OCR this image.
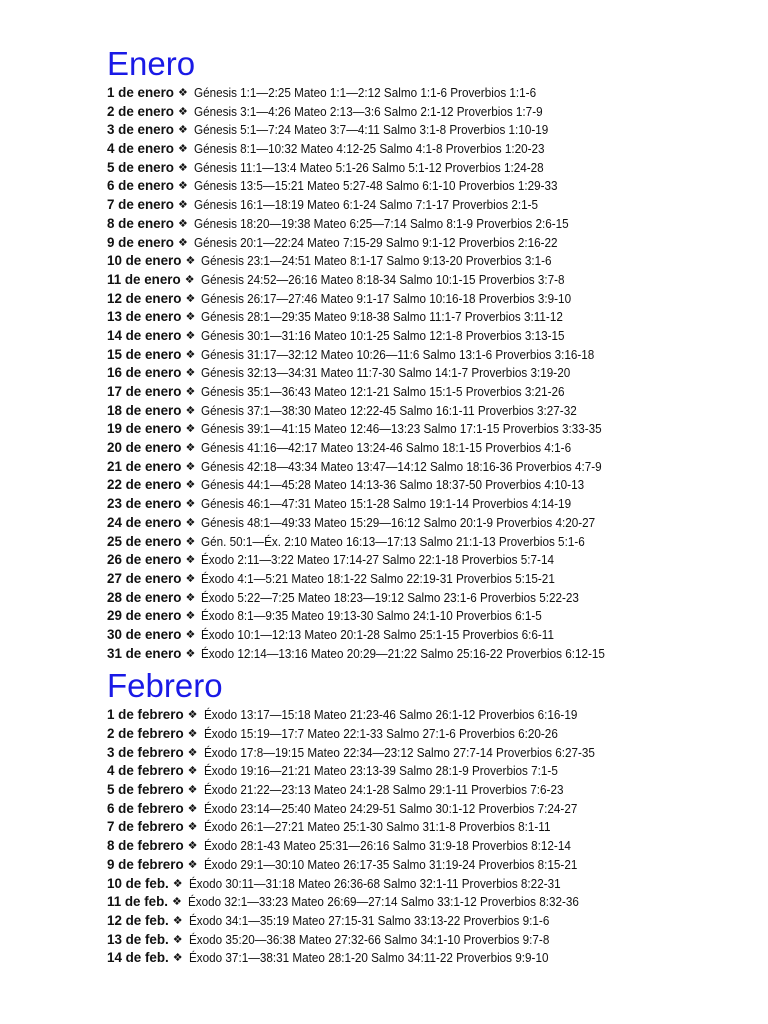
Enero
1 de enero ❖ Génesis 1:1—2:25 Mateo 1:1—2:12 Salmo 1:1-6 Proverbios 1:1-6
2 de enero ❖ Génesis 3:1—4:26 Mateo 2:13—3:6 Salmo 2:1-12 Proverbios 1:7-9
3 de enero ❖ Génesis 5:1—7:24 Mateo 3:7—4:11 Salmo 3:1-8 Proverbios 1:10-19
4 de enero ❖ Génesis 8:1—10:32 Mateo 4:12-25 Salmo 4:1-8 Proverbios 1:20-23
5 de enero ❖ Génesis 11:1—13:4 Mateo 5:1-26 Salmo 5:1-12 Proverbios 1:24-28
6 de enero ❖ Génesis 13:5—15:21 Mateo 5:27-48 Salmo 6:1-10 Proverbios 1:29-33
7 de enero ❖ Génesis 16:1—18:19 Mateo 6:1-24 Salmo 7:1-17 Proverbios 2:1-5
8 de enero ❖ Génesis 18:20—19:38 Mateo 6:25—7:14 Salmo 8:1-9 Proverbios 2:6-15
9 de enero ❖ Génesis 20:1—22:24 Mateo 7:15-29 Salmo 9:1-12 Proverbios 2:16-22
10 de enero ❖ Génesis 23:1—24:51 Mateo 8:1-17 Salmo 9:13-20 Proverbios 3:1-6
11 de enero ❖ Génesis 24:52—26:16 Mateo 8:18-34 Salmo 10:1-15 Proverbios 3:7-8
12 de enero ❖ Génesis 26:17—27:46 Mateo 9:1-17 Salmo 10:16-18 Proverbios 3:9-10
13 de enero ❖ Génesis 28:1—29:35 Mateo 9:18-38 Salmo 11:1-7 Proverbios 3:11-12
14 de enero ❖ Génesis 30:1—31:16 Mateo 10:1-25 Salmo 12:1-8 Proverbios 3:13-15
15 de enero ❖ Génesis 31:17—32:12 Mateo 10:26—11:6 Salmo 13:1-6 Proverbios 3:16-18
16 de enero ❖ Génesis 32:13—34:31 Mateo 11:7-30 Salmo 14:1-7 Proverbios 3:19-20
17 de enero ❖ Génesis 35:1—36:43 Mateo 12:1-21 Salmo 15:1-5 Proverbios 3:21-26
18 de enero ❖ Génesis 37:1—38:30 Mateo 12:22-45 Salmo 16:1-11 Proverbios 3:27-32
19 de enero ❖ Génesis 39:1—41:15 Mateo 12:46—13:23 Salmo 17:1-15 Proverbios 3:33-35
20 de enero ❖ Génesis 41:16—42:17 Mateo 13:24-46 Salmo 18:1-15 Proverbios 4:1-6
21 de enero ❖ Génesis 42:18—43:34 Mateo 13:47—14:12 Salmo 18:16-36 Proverbios 4:7-9
22 de enero ❖ Génesis 44:1—45:28 Mateo 14:13-36 Salmo 18:37-50 Proverbios 4:10-13
23 de enero ❖ Génesis 46:1—47:31 Mateo 15:1-28 Salmo 19:1-14 Proverbios 4:14-19
24 de enero ❖ Génesis 48:1—49:33 Mateo 15:29—16:12 Salmo 20:1-9 Proverbios 4:20-27
25 de enero ❖ Gén. 50:1—Éx. 2:10 Mateo 16:13—17:13 Salmo 21:1-13 Proverbios 5:1-6
26 de enero ❖ Éxodo 2:11—3:22 Mateo 17:14-27 Salmo 22:1-18 Proverbios 5:7-14
27 de enero ❖ Éxodo 4:1—5:21 Mateo 18:1-22 Salmo 22:19-31 Proverbios 5:15-21
28 de enero ❖ Éxodo 5:22—7:25 Mateo 18:23—19:12 Salmo 23:1-6 Proverbios 5:22-23
29 de enero ❖ Éxodo 8:1—9:35 Mateo 19:13-30 Salmo 24:1-10 Proverbios 6:1-5
30 de enero ❖ Éxodo 10:1—12:13 Mateo 20:1-28 Salmo 25:1-15 Proverbios 6:6-11
31 de enero ❖ Éxodo 12:14—13:16 Mateo 20:29—21:22 Salmo 25:16-22 Proverbios 6:12-15
Febrero
1 de febrero ❖ Éxodo 13:17—15:18 Mateo 21:23-46 Salmo 26:1-12 Proverbios 6:16-19
2 de febrero ❖ Éxodo 15:19—17:7 Mateo 22:1-33 Salmo 27:1-6 Proverbios 6:20-26
3 de febrero ❖ Éxodo 17:8—19:15 Mateo 22:34—23:12 Salmo 27:7-14 Proverbios 6:27-35
4 de febrero ❖ Éxodo 19:16—21:21 Mateo 23:13-39 Salmo 28:1-9 Proverbios 7:1-5
5 de febrero ❖ Éxodo 21:22—23:13 Mateo 24:1-28 Salmo 29:1-11 Proverbios 7:6-23
6 de febrero ❖ Éxodo 23:14—25:40 Mateo 24:29-51 Salmo 30:1-12 Proverbios 7:24-27
7 de febrero ❖ Éxodo 26:1—27:21 Mateo 25:1-30 Salmo 31:1-8 Proverbios 8:1-11
8 de febrero ❖ Éxodo 28:1-43 Mateo 25:31—26:16 Salmo 31:9-18 Proverbios 8:12-14
9 de febrero ❖ Éxodo 29:1—30:10 Mateo 26:17-35 Salmo 31:19-24 Proverbios 8:15-21
10 de feb. ❖ Éxodo 30:11—31:18 Mateo 26:36-68 Salmo 32:1-11 Proverbios 8:22-31
11 de feb. ❖ Éxodo 32:1—33:23 Mateo 26:69—27:14 Salmo 33:1-12 Proverbios 8:32-36
12 de feb. ❖ Éxodo 34:1—35:19 Mateo 27:15-31 Salmo 33:13-22 Proverbios 9:1-6
13 de feb. ❖ Éxodo 35:20—36:38 Mateo 27:32-66 Salmo 34:1-10 Proverbios 9:7-8
14 de feb. ❖ Éxodo 37:1—38:31 Mateo 28:1-20 Salmo 34:11-22 Proverbios 9:9-10
